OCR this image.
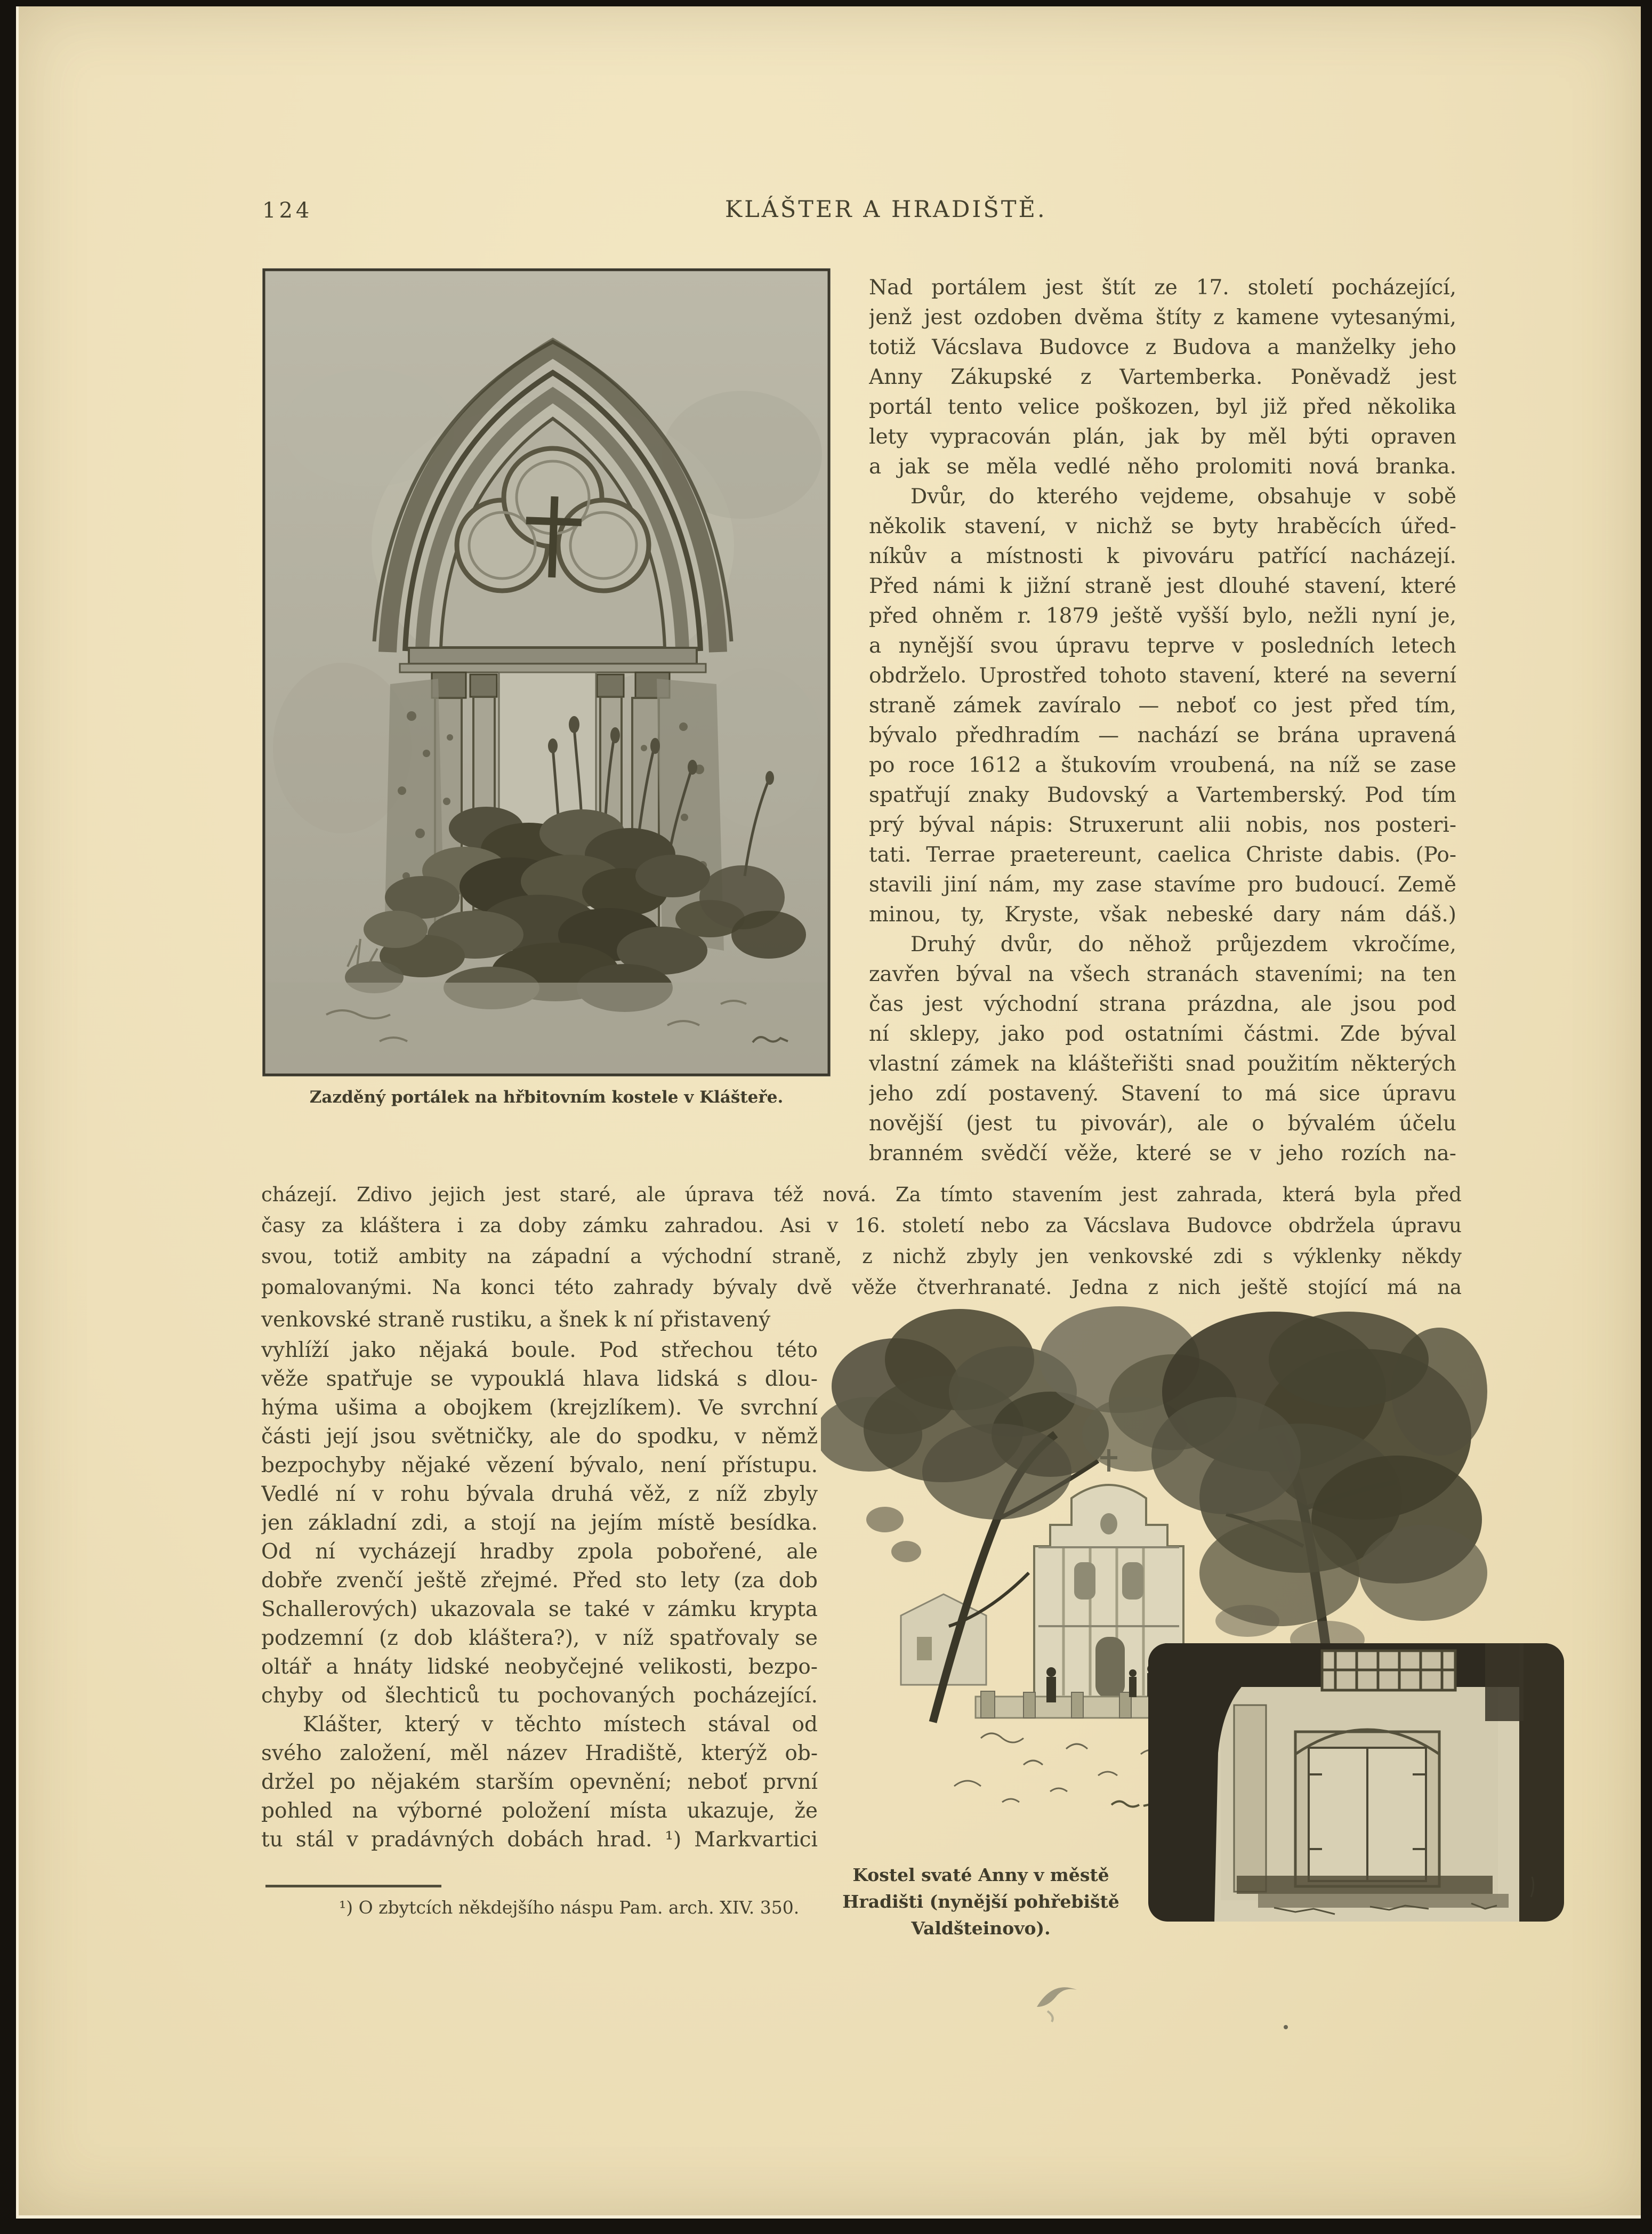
124	KLÁŠTER A HRADIŠTĚ.
Zazděný portálek na hřbitovním kostele v Klášteře.
Nad portálem jest štít ze 17. století pocházející,
jenž jest ozdoben dvěma štíty z kamene vytesanými,
totiž Vácslava Budovce z Budova a manželky jeho
Anny Zákupské z Vartemberka. Poněvadž jest
portál tento velice poškozen, byl již před několika
lety vypracován plán, jak by měl býti opraven
a jak se měla vedlé něho prolomiti nová branka.
  Dvůr, do kterého vejdeme, obsahuje v sobě
několik stavení, v nichž se byty hraběcích úřed-
níkův a místnosti k pivováru patřící nacházejí.
Před námi k jižní straně jest dlouhé stavení, které
před ohněm r. 1879 ještě vyšší bylo, nežli nyní je,
a nynější svou úpravu teprve v posledních letech
obdrželo. Uprostřed tohoto stavení, které na severní
straně zámek zavíralo — neboť co jest před tím,
bývalo předhradím — nachází se brána upravená
po roce 1612 a štukovím vroubená, na níž se zase
spatřují znaky Budovský a Vartemberský. Pod tím
prý býval nápis: Struxerunt alii nobis, nos posteri-
tati. Terrae praetereunt, caelica Christe dabis. (Po-
stavili jiní nám, my zase stavíme pro budoucí. Země
minou, ty, Kryste, však nebeské dary nám dáš.)
  Druhý dvůr, do něhož průjezdem vkročíme,
zavřen býval na všech stranách staveními; na ten
čas jest východní strana prázdna, ale jsou pod
ní sklepy, jako pod ostatními částmi. Zde býval
vlastní zámek na klášteřišti snad použitím některých
jeho zdí postavený. Stavení to má sice úpravu
novější (jest tu pivovár), ale o bývalém účelu
branném svědčí věže, které se v jeho rozích na-
cházejí. Zdivo jejich jest staré, ale úprava též nová. Za tímto stavením jest zahrada, která byla před
časy za kláštera i za doby zámku zahradou. Asi v 16. století nebo za Vácslava Budovce obdržela úpravu
svou, totiž ambity na západní a východní straně, z nichž zbyly jen venkovské zdi s výklenky někdy
pomalovanými. Na konci této zahrady bývaly dvě věže čtverhranaté. Jedna z nich ještě stojící má na
venkovské straně rustiku, a šnek k ní přistavený
vyhlíží jako nějaká boule. Pod střechou této
věže spatřuje se vypouklá hlava lidská s dlou-
hýma ušima a obojkem (krejzlíkem). Ve svrchní
části její jsou světničky, ale do spodku, v němž
bezpochyby nějaké vězení bývalo, není přístupu.
Vedlé ní v rohu bývala druhá věž, z níž zbyly
jen základní zdi, a stojí na jejím místě besídka.
Od ní vycházejí hradby zpola pobořené, ale
dobře zvenčí ještě zřejmé. Před sto lety (za dob
Schallerových) ukazovala se také v zámku krypta
podzemní (z dob kláštera?), v níž spatřovaly se
oltář a hnáty lidské neobyčejné velikosti, bezpo-
chyby od šlechticů tu pochovaných pocházející.
  Klášter, který v těchto místech stával od
svého založení, měl název Hradiště, kterýž ob-
držel po nějakém starším opevnění; neboť první
pohled na výborné položení místa ukazuje, že
tu stál v pradávných dobách hrad. ¹) Markvartici
Kostel svaté Anny v městě
Hradišti (nynější pohřebiště
Valdšteinovo).
¹) O zbytcích někdejšího náspu Pam. arch. XIV. 350.
